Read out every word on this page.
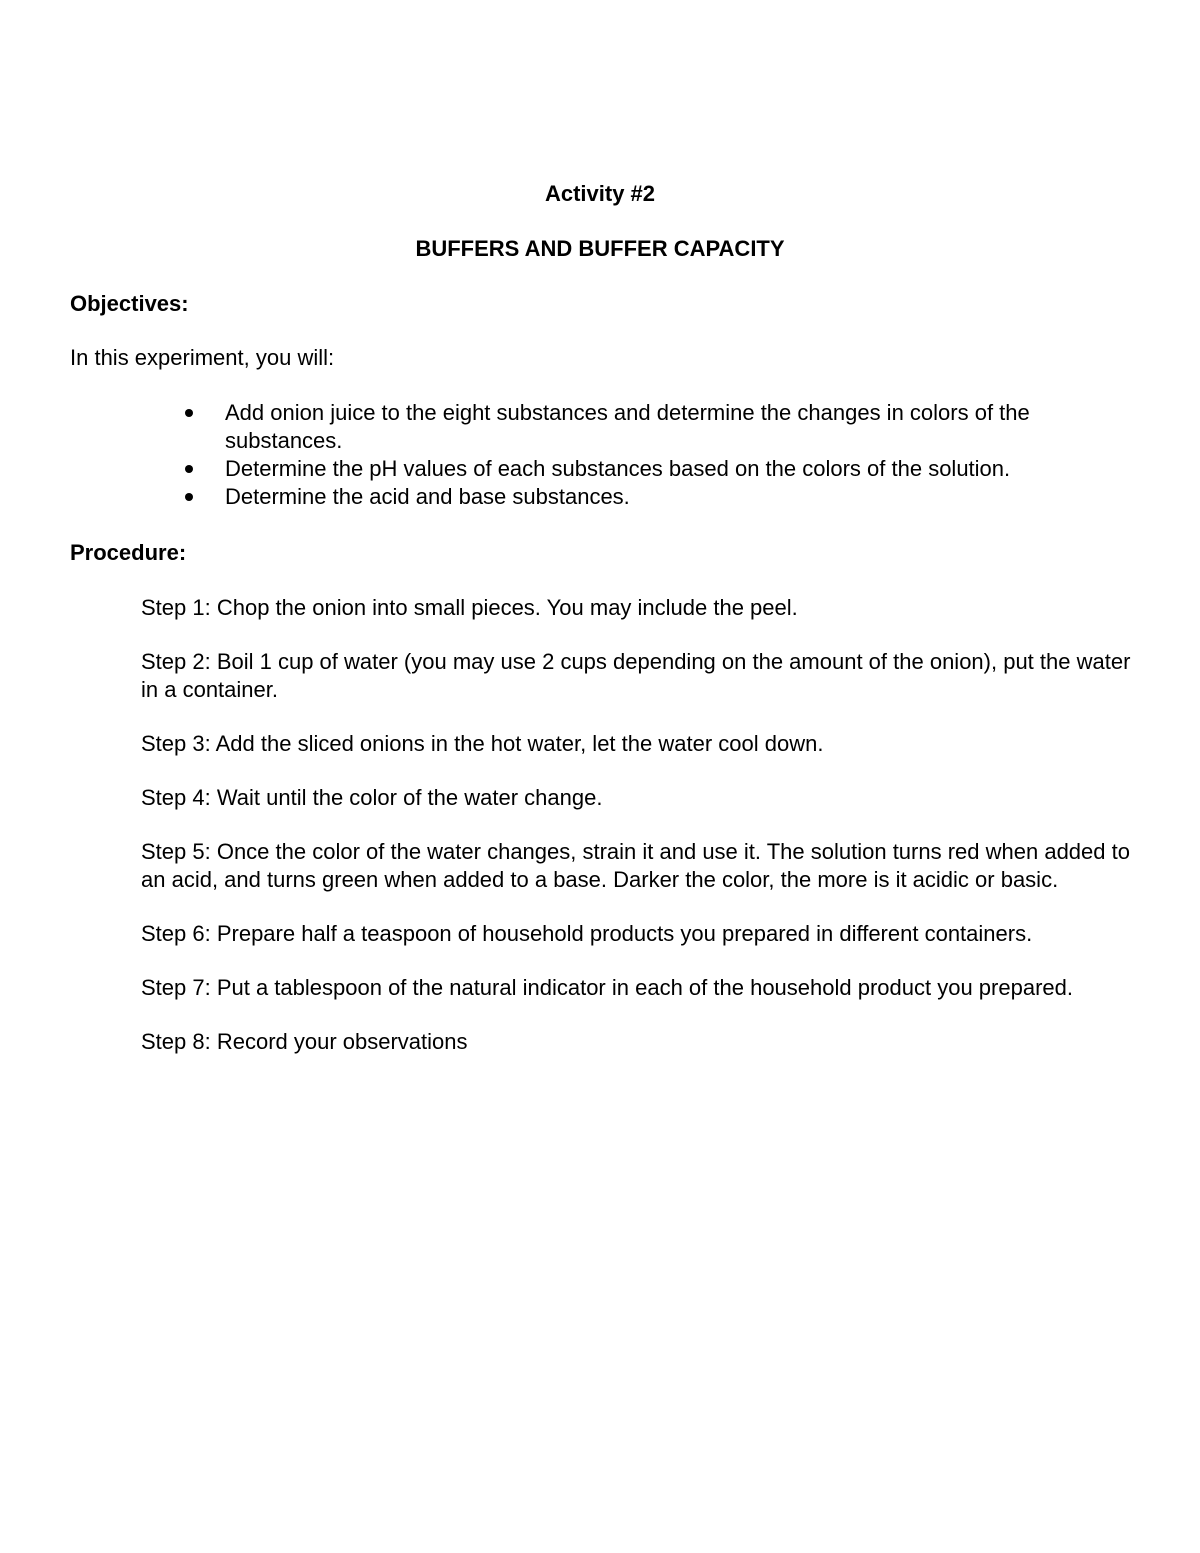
Activity #2
BUFFERS AND BUFFER CAPACITY
Objectives:

In this experiment, you will:

Add onion juice to the eight substances and determine the changes in colors of the substances.
Determine the pH values of each substances based on the colors of the solution.
Determine the acid and base substances.
Procedure:

Step 1: Chop the onion into small pieces. You may include the peel.

Step 2: Boil 1 cup of water (you may use 2 cups depending on the amount of the onion), put the water in a container.

Step 3: Add the sliced onions in the hot water, let the water cool down.

Step 4: Wait until the color of the water change.

Step 5: Once the color of the water changes, strain it and use it. The solution turns red when added to an acid, and turns green when added to a base. Darker the color, the more is it acidic or basic.

Step 6: Prepare half a teaspoon of household products you prepared in different containers.

Step 7: Put a tablespoon of the natural indicator in each of the household product you prepared.

Step 8: Record your observations
